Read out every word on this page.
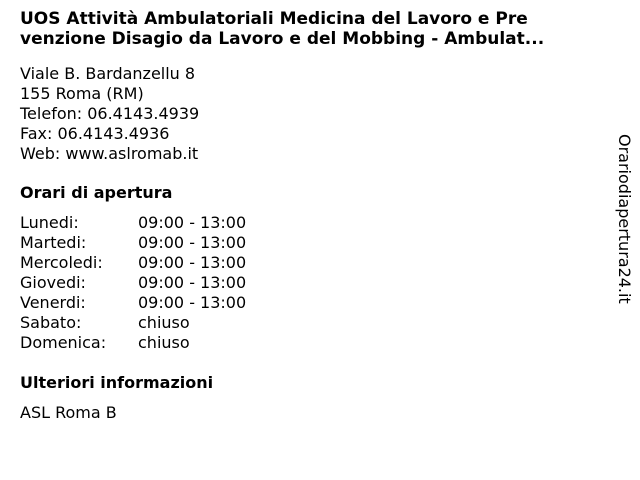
UOS Attività Ambulatoriali Medicina del Lavoro e Pre
venzione Disagio da Lavoro e del Mobbing - Ambulat...
Viale B. Bardanzellu 8
155 Roma (RM)
Telefon: 06.4143.4939
Fax: 06.4143.4936
Web: www.aslromab.it
Orari di apertura
Lunedi:	09:00 - 13:00
Martedi:	09:00 - 13:00
Mercoledi: 09:00 - 13:00
Giovedi:	09:00 - 13:00
Venerdi:	09:00 - 13:00
Sabato:	chiuso
Domenica: chiuso
Ulteriori informazioni
ASL Roma B
Orariodiapertura24.it
